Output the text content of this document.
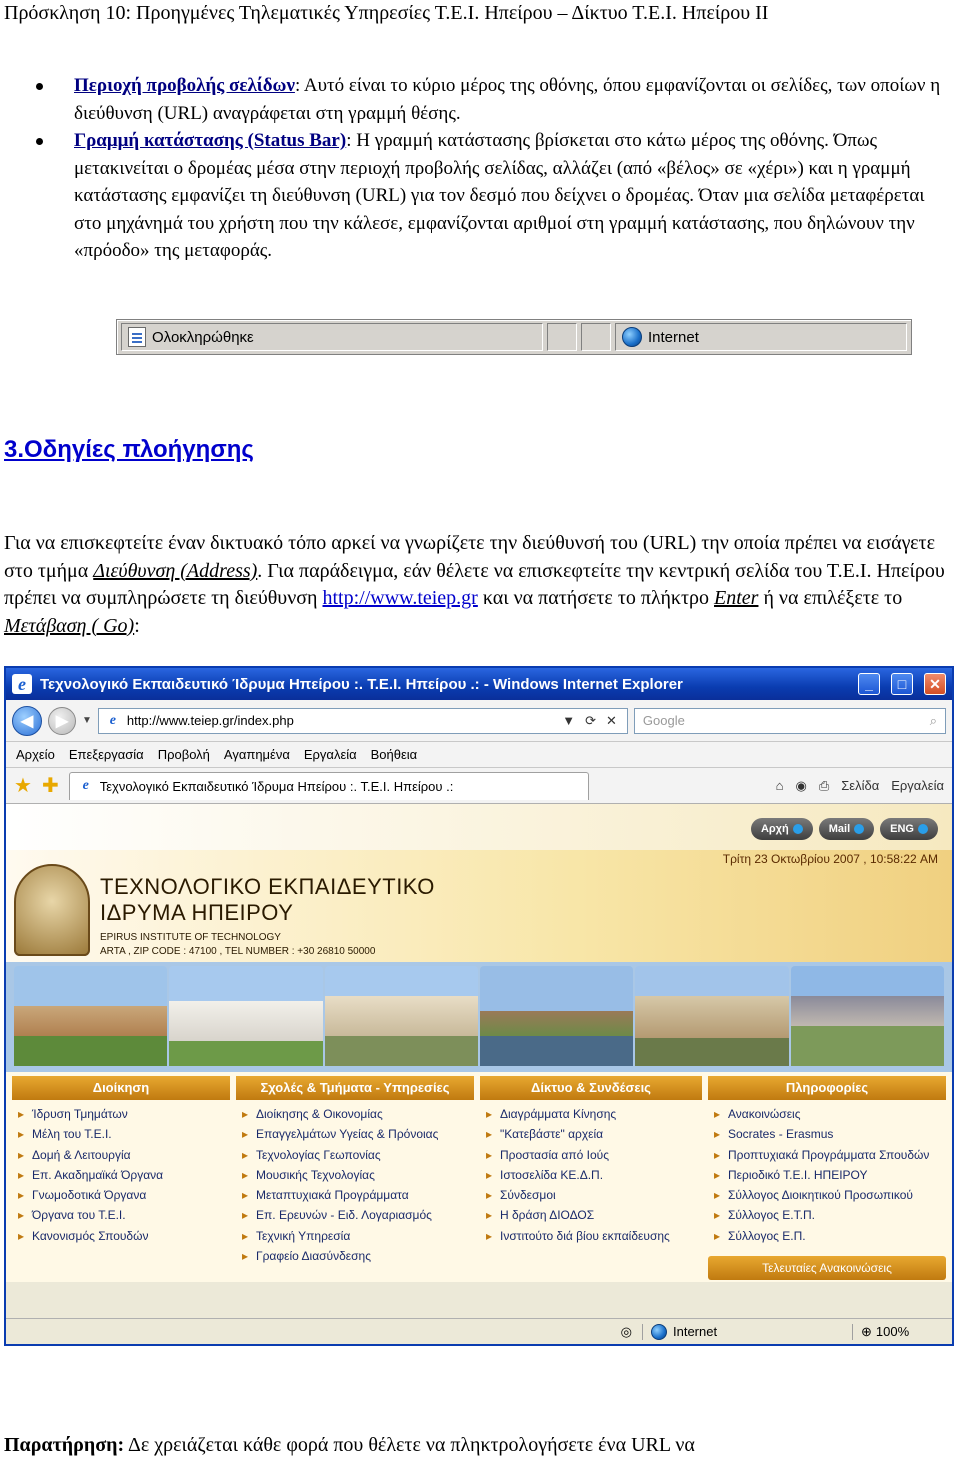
Πρόσκληση 10: Προηγμένες Τηλεματικές Υπηρεσίες Τ.Ε.Ι. Ηπείρου – Δίκτυο Τ.Ε.Ι. Ηπείρου ΙΙ
Περιοχή προβολής σελίδων: Αυτό είναι το κύριο μέρος της οθόνης, όπου εμφανίζονται οι σελίδες, των οποίων η διεύθυνση (URL) αναγράφεται στη γραμμή θέσης.
Γραμμή κατάστασης (Status Bar): Η γραμμή κατάστασης βρίσκεται στο κάτω μέρος της οθόνης. Όπως μετακινείται ο δρομέας μέσα στην περιοχή προβολής σελίδας, αλλάζει (από «βέλος» σε «χέρι») και η γραμμή κατάστασης εμφανίζει τη διεύθυνση (URL) για τον δεσμό που δείχνει ο δρομέας. Όταν μια σελίδα μεταφέρεται στο μηχάνημά του χρήστη που την κάλεσε, εμφανίζονται αριθμοί στη γραμμή κατάστασης, που δηλώνουν την «πρόοδο» της μεταφοράς.
Ολοκληρώθηκε	Internet
3.Οδηγίες πλοήγησης
Για να επισκεφτείτε έναν δικτυακό τόπο αρκεί να γνωρίζετε την διεύθυνσή του (URL) την οποία πρέπει να εισάγετε στο τμήμα Διεύθυνση (Address). Για παράδειγμα, εάν θέλετε να επισκεφτείτε την κεντρική σελίδα του Τ.Ε.Ι. Ηπείρου πρέπει να συμπληρώσετε τη διεύθυνση http://www.teiep.gr και να πατήσετε το πλήκτρο Enter ή να επιλέξετε το Μετάβαση ( Go):
e Τεχνολογικό Εκπαιδευτικό Ίδρυμα Ηπείρου :. Τ.Ε.Ι. Ηπείρου .: - Windows Internet Explorer	_	□	✕
◀	▶	▼	e http://www.teiep.gr/index.php	▼ ⟳ ✕ Google	⌕
Αρχείο Επεξεργασία Προβολή Αγαπημένα Εργαλεία Βοήθεια
★ ✚	e Τεχνολογικό Εκπαιδευτικό Ίδρυμα Ηπείρου :. Τ.Ε.Ι. Ηπείρου .:	⌂ ◉ ⎙ Σελίδα Εργαλεία
Αρχή	Mail	ENG
Τρίτη 23 Οκτωβρίου 2007 , 10:58:22 AM
ΤΕΧΝΟΛΟΓΙΚΟ ΕΚΠΑΙΔΕΥΤΙΚΟ
ΙΔΡΥΜΑ ΗΠΕΙΡΟΥ
EPIRUS INSTITUTE OF TECHNOLOGY
ARTA , ZIP CODE : 47100 , TEL NUMBER : +30 26810 50000
Διοίκηση
▸ Ίδρυση Τμημάτων
▸ Μέλη του Τ.Ε.Ι.
▸ Δομή & Λειτουργία
▸ Επ. Ακαδημαϊκά Όργανα
▸ Γνωμοδοτικά Όργανα
▸ Όργανα του Τ.Ε.Ι.
▸ Κανονισμός Σπουδών
Σχολές & Τμήματα - Υπηρεσίες
▸ Διοίκησης & Οικονομίας
▸ Επαγγελμάτων Υγείας & Πρόνοιας
▸ Τεχνολογίας Γεωπονίας
▸ Μουσικής Τεχνολογίας
▸ Μεταπτυχιακά Προγράμματα
▸ Επ. Ερευνών - Ειδ. Λογαριασμός
▸ Τεχνική Υπηρεσία
▸ Γραφείο Διασύνδεσης
Δίκτυο & Συνδέσεις
▸ Διαγράμματα Κίνησης
▸ "Κατεβάστε" αρχεία
▸ Προστασία από Ιούς
▸ Ιστοσελίδα ΚΕ.Δ.Π.
▸ Σύνδεσμοι
▸ Η δράση ΔΙΟΔΟΣ
▸ Ινστιτούτο διά βίου εκπαίδευσης
Πληροφορίες
▸ Ανακοινώσεις
▸ Socrates - Erasmus
▸ Προπτυχιακά Προγράμματα Σπουδών
▸ Περιοδικό Τ.Ε.Ι. ΗΠΕΙΡΟΥ
▸ Σύλλογος Διοικητικού Προσωπικού
▸ Σύλλογος Ε.Τ.Π.
▸ Σύλλογος Ε.Π.
Τελευταίες Ανακοινώσεις
◎	Internet	⊕ 100%
Παρατήρηση: Δε χρειάζεται κάθε φορά που θέλετε να πληκτρολογήσετε ένα URL να
